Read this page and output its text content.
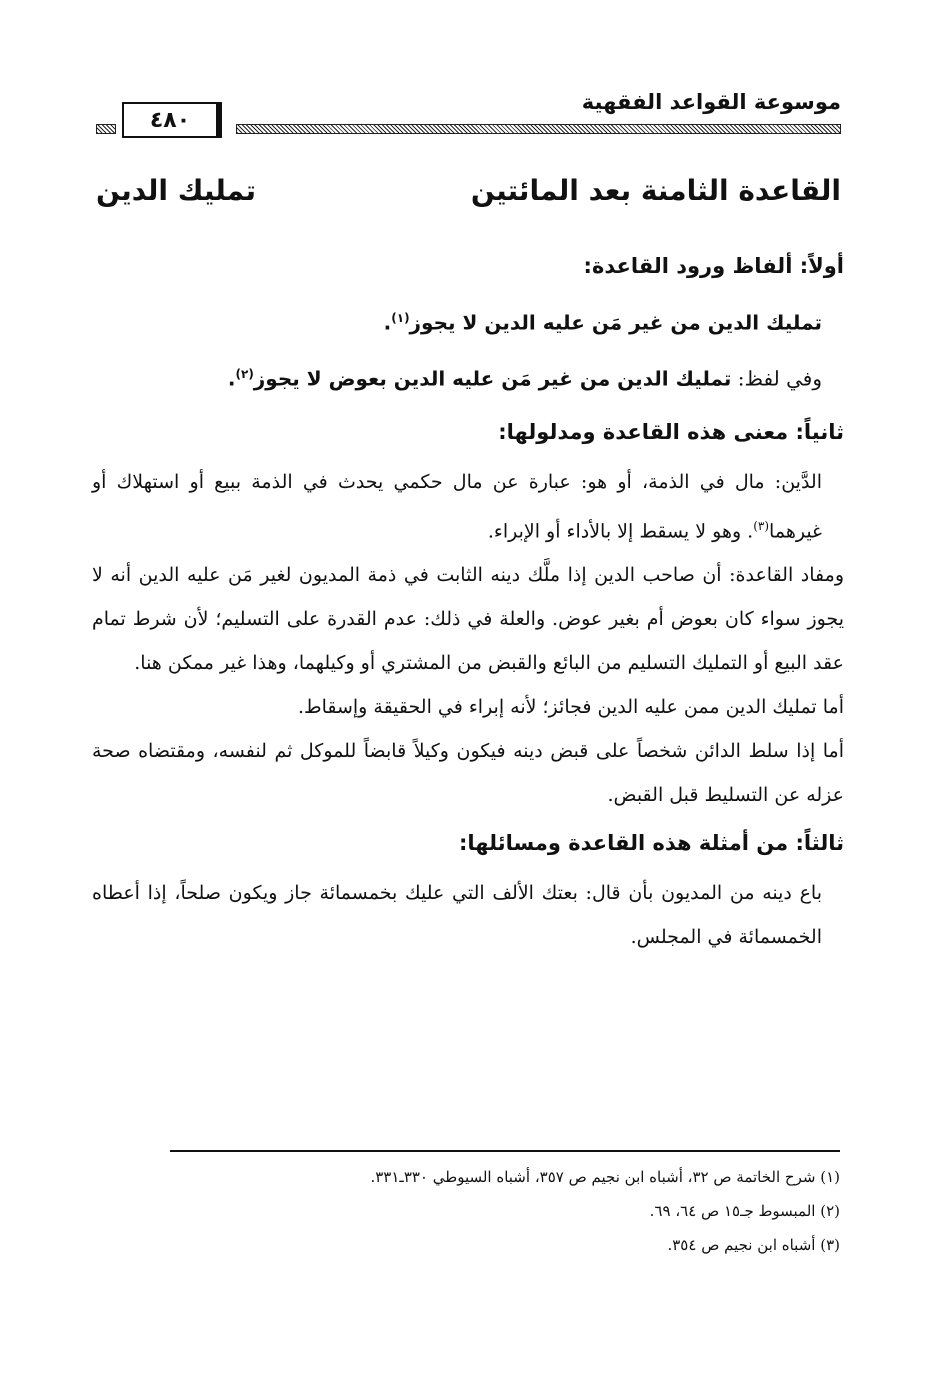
موسوعة القواعد الفقهية
٤٨٠
القاعدة الثامنة بعد المائتين
تمليك الدين
أولاً: ألفاظ ورود القاعدة:

تمليك الدين من غير مَن عليه الدين لا يجوز$^{(١)}$.

وفي لفظ: تمليك الدين من غير مَن عليه الدين بعوض لا يجوز$^{(٢)}$.

ثانياً: معنى هذه القاعدة ومدلولها:

الدَّين: مال في الذمة، أو هو: عبارة عن مال حكمي يحدث في الذمة ببيع أو استهلاك أو غيرهما$^{(٣)}$. وهو لا يسقط إلا بالأداء أو الإبراء.

ومفاد القاعدة: أن صاحب الدين إذا ملَّك دينه الثابت في ذمة المديون لغير مَن عليه الدين أنه لا يجوز سواء كان بعوض أم بغير عوض. والعلة في ذلك: عدم القدرة على التسليم؛ لأن شرط تمام عقد البيع أو التمليك التسليم من البائع والقبض من المشتري أو وكيلهما، وهذا غير ممكن هنا.

أما تمليك الدين ممن عليه الدين فجائز؛ لأنه إبراء في الحقيقة وإسقاط.

أما إذا سلط الدائن شخصاً على قبض دينه فيكون وكيلاً قابضاً للموكل ثم لنفسه، ومقتضاه صحة عزله عن التسليط قبل القبض.

ثالثاً: من أمثلة هذه القاعدة ومسائلها:

باع دينه من المديون بأن قال: بعتك الألف التي عليك بخمسمائة جاز ويكون صلحاً، إذا أعطاه الخمسمائة في المجلس.

(١) شرح الخاتمة ص ٣٢، أشباه ابن نجيم ص ٣٥٧، أشباه السيوطي ٣٣٠ـ٣٣١.

(٢) المبسوط جـ١٥ ص ٦٤، ٦٩.

(٣) أشباه ابن نجيم ص ٣٥٤.
